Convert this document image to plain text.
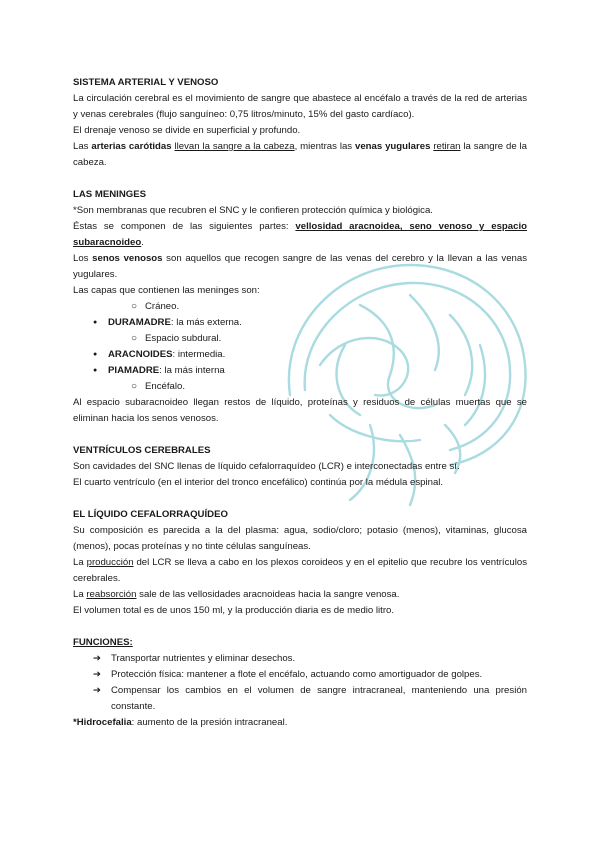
SISTEMA ARTERIAL Y VENOSO

La circulación cerebral es el movimiento de sangre que abastece al encéfalo a través de la red de arterias y venas cerebrales (flujo sanguíneo: 0,75 litros/minuto, 15% del gasto cardíaco).

El drenaje venoso se divide en superficial y profundo.

Las arterias carótidas llevan la sangre a la cabeza, mientras las venas yugulares retiran la sangre de la cabeza.

LAS MENINGES

*Son membranas que recubren el SNC y le confieren protección química y biológica.

Éstas se componen de las siguientes partes: vellosidad aracnoidea, seno venoso y espacio subaracnoideo.

Los senos venosos son aquellos que recogen sangre de las venas del cerebro y la llevan a las venas yugulares.

Las capas que contienen las meninges son:

○ Cráneo.
●	DURAMADRE: la más externa.
○ Espacio subdural.
●	ARACNOIDES: intermedia.
●	PIAMADRE: la más interna
○ Encéfalo.

Al espacio subaracnoideo llegan restos de líquido, proteínas y residuos de células muertas que se eliminan hacia los senos venosos.

VENTRÍCULOS CEREBRALES

Son cavidades del SNC llenas de líquido cefalorraquídeo (LCR) e interconectadas entre sí.

El cuarto ventrículo (en el interior del tronco encefálico) continúa por la médula espinal.

EL LÍQUIDO CEFALORRAQUÍDEO

Su composición es parecida a la del plasma: agua, sodio/cloro; potasio (menos), vitaminas, glucosa (menos), pocas proteínas y no tinte células sanguíneas.

La producción del LCR se lleva a cabo en los plexos coroideos y en el epitelio que recubre los ventrículos cerebrales.

La reabsorción sale de las vellosidades aracnoideas hacia la sangre venosa.

El volumen total es de unos 150 ml, y la producción diaria es de medio litro.

FUNCIONES:

➔	Transportar nutrientes y eliminar desechos.
➔	Protección física: mantener a flote el encéfalo, actuando como amortiguador de golpes.
➔	Compensar los cambios en el volumen de sangre intracraneal, manteniendo una presión constante.

*Hidrocefalia: aumento de la presión intracraneal.
